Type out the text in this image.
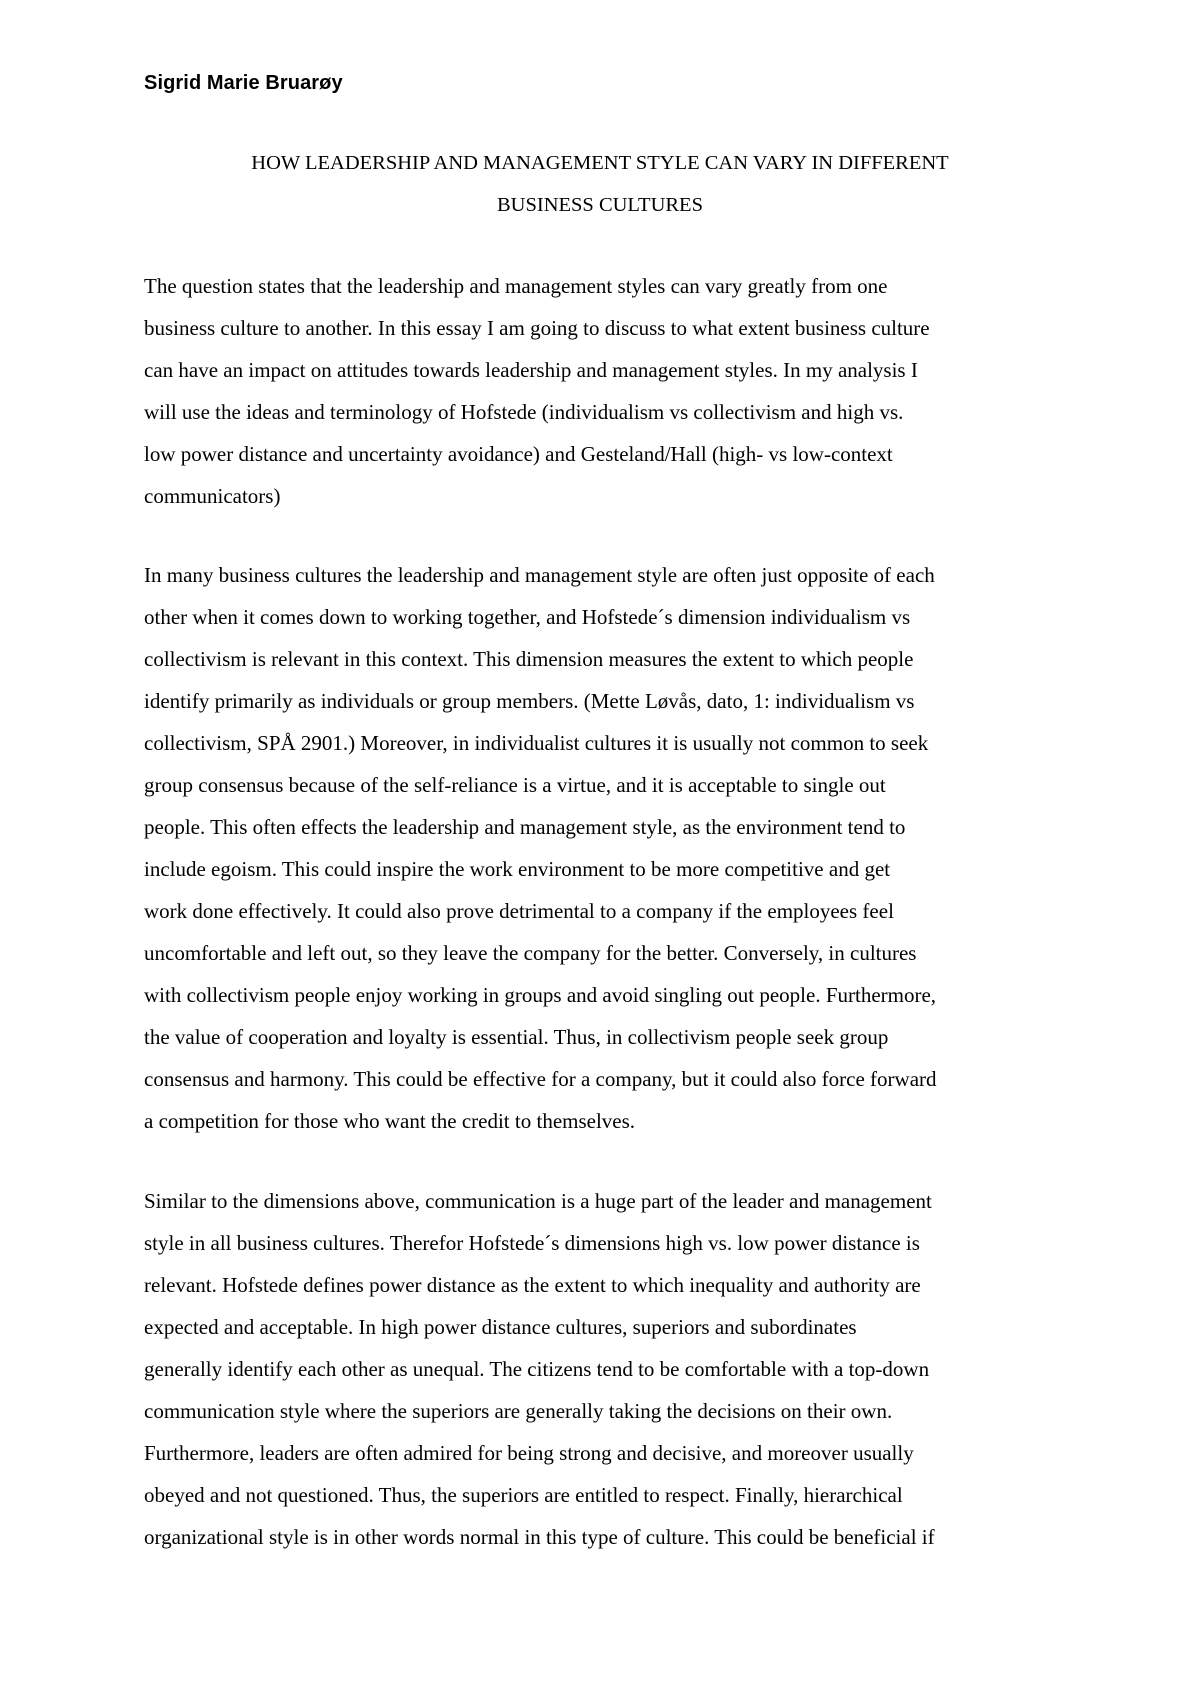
Sigrid Marie Bruarøy
HOW LEADERSHIP AND MANAGEMENT STYLE CAN VARY IN DIFFERENT
BUSINESS CULTURES
The question states that the leadership and management styles can vary greatly from one
business culture to another. In this essay I am going to discuss to what extent business culture
can have an impact on attitudes towards leadership and management styles. In my analysis I
will use the ideas and terminology of Hofstede (individualism vs collectivism and high vs.
low power distance and uncertainty avoidance) and Gesteland/Hall (high- vs low-context
communicators)
In many business cultures the leadership and management style are often just opposite of each
other when it comes down to working together, and Hofstede´s dimension individualism vs
collectivism is relevant in this context. This dimension measures the extent to which people
identify primarily as individuals or group members. (Mette Løvås, dato, 1: individualism vs
collectivism, SPÅ 2901.) Moreover, in individualist cultures it is usually not common to seek
group consensus because of the self-reliance is a virtue, and it is acceptable to single out
people. This often effects the leadership and management style, as the environment tend to
include egoism. This could inspire the work environment to be more competitive and get
work done effectively. It could also prove detrimental to a company if the employees feel
uncomfortable and left out, so they leave the company for the better. Conversely, in cultures
with collectivism people enjoy working in groups and avoid singling out people. Furthermore,
the value of cooperation and loyalty is essential. Thus, in collectivism people seek group
consensus and harmony. This could be effective for a company, but it could also force forward
a competition for those who want the credit to themselves.
Similar to the dimensions above, communication is a huge part of the leader and management
style in all business cultures. Therefor Hofstede´s dimensions high vs. low power distance is
relevant. Hofstede defines power distance as the extent to which inequality and authority are
expected and acceptable. In high power distance cultures, superiors and subordinates
generally identify each other as unequal. The citizens tend to be comfortable with a top-down
communication style where the superiors are generally taking the decisions on their own.
Furthermore, leaders are often admired for being strong and decisive, and moreover usually
obeyed and not questioned. Thus, the superiors are entitled to respect. Finally, hierarchical
organizational style is in other words normal in this type of culture. This could be beneficial if
